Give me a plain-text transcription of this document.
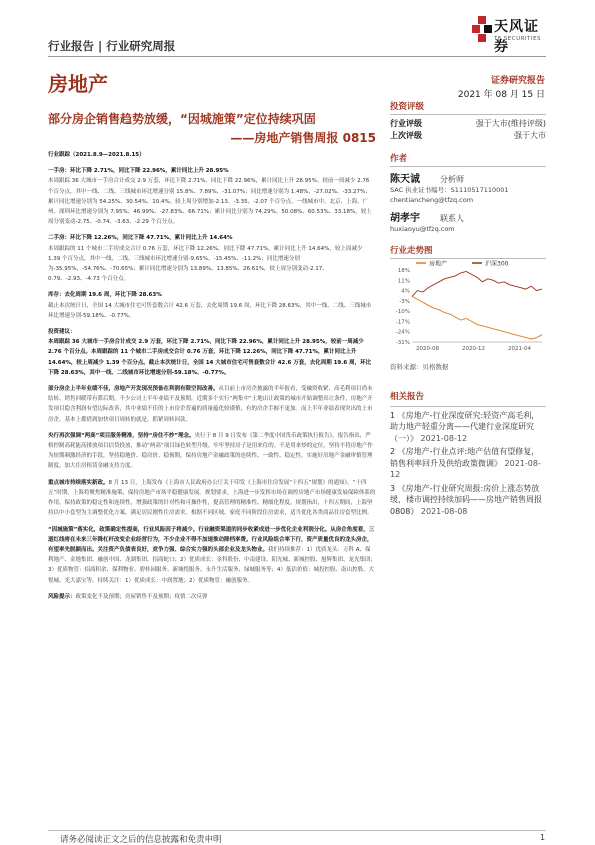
行业报告 | 行业研究周报
天风证券
TF SECURITIES
房地产	证券研究报告
2021 年 08 月 15 日
部分房企销售趋势放缓，“因城施策”定位持续巩固
——房地产销售周报 0815

行业跟踪（2021.8.9—2021.8.15）

一手房：环比下降 2.71%，同比下降 22.96%，累计同比上升 28.95%

本周跟踪 36 大城市一手房合计成交 2.9 万套，环比下降 2.71%，同比下降 22.96%，累计同比上升 28.95%。较前一周减少 2.76 个百分点，其中一线、二线、三线城市环比增速分别 15.8%、7.89%、-31.07%；同比增速分别为 1.48%、-27.02%、-33.27%；累计同比增速分别为 54.25%、30.54%、10.4%。较上周分别增加-2.13、-3.35、-2.07 个百分点。一线城市中，北京、上海、广州、深圳环比增速分别为 7.95%、46.99%、-27.83%、66.71%；累计同比分别为 74.29%、50.08%、60.53%、33.18%，较上周分别变动-2.75、-0.74、-3.63、-2.29 个百分点。

二手房：环比下降 12.26%，同比下降 47.71%，累计同比上升 14.64%

本周跟踪的 11 个城市二手房成交合计 0.76 万套，环比下降 12.26%，同比下降 47.71%，累计同比上升 14.64%，较上周减少 1.39 个百分点，其中一线、二线、三线城市环比增速分别-9.65%、-15.45%、-11.2%；同比增速分别为-35.95%、-54.76%、-70.65%；累计同比增速分别为 13.89%、13.85%、26.61%，较上周分别变动-2.17、0.79、-2.93、-4.73 个百分点。

库存：去化周期 19.6 周，环比下降 28.63%

截止本次统计日，全国 14 大城市住宅可售套数合计 42.6 万套，去化周期 19.6 周，环比下降 28.63%，其中一线、二线、三线城市环比增速分别-59.18%、-0.77%。

投资建议：

本周跟踪 36 大城市一手房合计成交 2.9 万套，环比下降 2.71%，同比下降 22.96%，累计同比上升 28.95%，较前一周减少 2.76 个百分点。本周跟踪的 11 个城市二手房成交合计 0.76 万套，环比下降 12.26%，同比下降 47.71%，累计同比上升 14.64%，较上周减少 1.39 个百分点。截止本次统计日，全国 14 大城市住宅可售套数合计 42.6 万套，去化周期 19.6 周，环比下降 28.63%，其中一线、二线城市环比增速分别-59.18%、-0.77%。

部分房企上半年业绩不佳，房地产开发现况预备在利润有限空间改善。从目前上市房企披露的半年报看，受融资收紧、高毛利项目尚未结转、销售回暖带有滞后期，不少公司上半年业绩不及预期。近期多个实行“两集中”土地出让政策的城市开始调整出让条件，房地产开发项目隐含利润有望边际改善，其中业绩不佳的上市房企普遍的质量蕴化较谨慎，有的房企手握不更加。而上半年业绩表现突出的上市房企，基本上都借到加快项目周转的就是，抓紧周转回款。

央行再次强调“两高”项目服务精准，坚持“房住不炒”理念。央行于 8 月 9 日发布《第二季度中国货币政策执行报告》。报告指出，严格控制高耗能高排放项目信贷投放，推动“两高”项目绿色转型升级。牢牢坚持房子是用来住的、不是用来炒的定位，坚持不将房地产作为短期刺激经济的手段，坚持稳地价、稳房价、稳预期，保持房地产金融政策的连续性、一致性、稳定性，实施好房地产金融审慎管理制度，加大住房租赁金融支持力度。

重点城市持续落实新政。8 月 13 日，上海发布《上海市人民政府办公厅关于印发《上海市住房发展“十四五”规划》的通知》。“十四五”时期，上海将聚焦精准施策、保持房地产市场平稳健康发展。规划要求，上海进一步发挥市场在调控房地产市场健康发展保障体系的作用，保持政策的稳定性和连续性，增强政策的针对性和可操作性，提高管理的精准性、精细化程度。规划指出，十四五期间，上海坚持以中小套型为主调整优化方案，满足居民刚性住房需求。根据不同区域、家庭不同阶段住房需求，适当优化各类商品住房套型比例。

“因城施策”落实化，政策确定性提高，行业风险因子将减少。行业融资渠道的同步收紧成进一步优化企业利润分化。从房企角度看，三道红线将在未来三年降杠杆改变企业经营行为，不少企业不得不加速推动降档率费。行业风险组合率下行，资产质量优良的龙头房企，有望率先脱颖而出。关注资产负债表良好，竞争力强、综合实力强的头部企业及龙头物业。我们持续推荐：1）优质龙头：万科 A、保利地产、金地集团、融创中国、龙湖集团、招商蛇口；2）优质成长：金科股份、中南建设、阳光城、新城控股、旭辉集团、龙光集团；3）优质物管：招商积余、保利物业、碧桂园服务、新城悦服务、永升生活服务、绿城服务等；4）低估价值：城投控股、南山控股、大悦城、光大嘉宝等，持续关注：1）优质成长：中润置地；2）优质物管：融创服务。

风险提示：政策变化不及预期；房屋销售不及预期；疫情二次反弹

投资评级
行业评级	强于大市(维持评级)
上次评级	强于大市
作者
陈天诚	分析师
SAC 执业证书编号：S1110517110001
chentiancheng@tfzq.com
胡孝宇	联系人
huxiaoyu@tfzq.com
行业走势图
房地产	沪深300
18%
11%
4%
-3%
-10%
-17%
-24%
-31%
2020-08	2020-12	2021-04
资料来源：贝格数据
相关报告
1 《房地产-行业深度研究:轻资产高毛利，助力地产轻重分离——代建行业深度研究（一）》 2021-08-12
2 《房地产-行业点评:地产估值有望修复，销售利率回升及供给政策微调》 2021-08-12
3 《房地产-行业研究周报:房价上涨态势放缓，楼市调控持续加码——房地产销售周报 0808》 2021-08-08
请务必阅读正文之后的信息披露和免责申明	1
